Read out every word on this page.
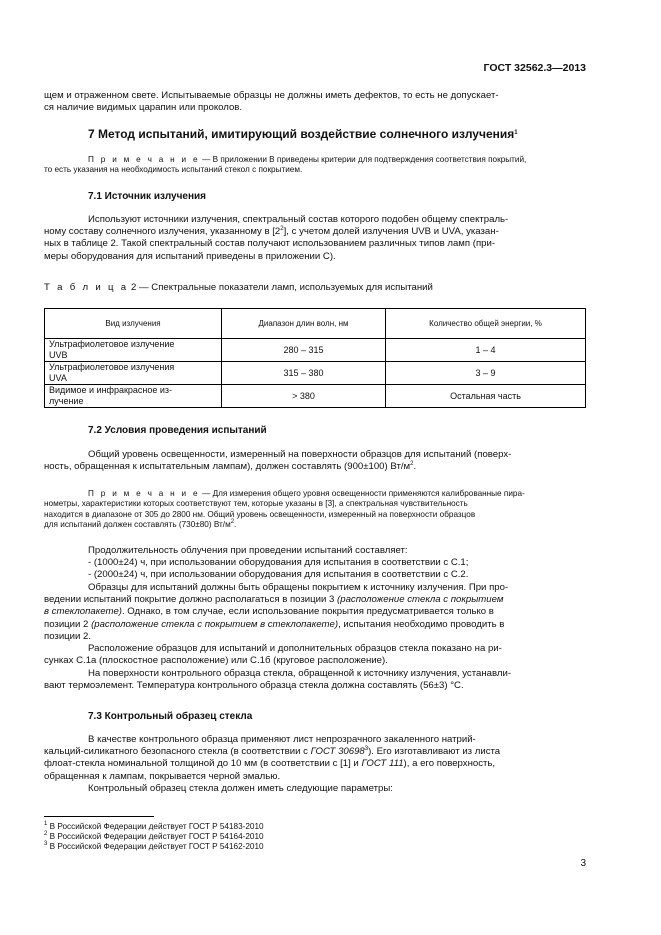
ГОСТ 32562.3—2013
щем и отраженном свете. Испытываемые образцы не должны иметь дефектов, то есть не допускает-
ся наличие видимых царапин или проколов.
7 Метод испытаний, имитирующий воздействие солнечного излучения$^1$
П р и м е ч а н и е — В приложении В приведены критерии для подтверждения соответствия покрытий,
то есть указания на необходимость испытаний стекол с покрытием.
7.1 Источник излучения
Используют источники излучения, спектральный состав которого подобен общему спектраль-
ному составу солнечного излучения, указанному в $[2^2]$, с учетом долей излучения UVB и UVA, указан-
ных в таблице 2. Такой спектральный состав получают использованием различных типов ламп (при-
меры оборудования для испытаний приведены в приложении С).
Т а б л и ц а 2 — Спектральные показатели ламп, используемых для испытаний
Вид излучения	Диапазон длин волн, нм	Количество общей энергии, %

Ультрафиолетовое излучение
UVB	280 – 315	1 – 4

Ультрафиолетовое излучения
UVA	315 – 380	3 – 9

Видимое и инфракрасное из-
лучение	> 380	Остальная часть
7.2 Условия проведения испытаний
Общий уровень освещенности, измеренный на поверхности образцов для испытаний (поверх-
ность, обращенная к испытательным лампам), должен составлять (900±100) $Вт/м^2$.
П р и м е ч а н и е — Для измерения общего уровня освещенности применяются калиброванные пира-
нометры, характеристики которых соответствуют тем, которые указаны в [3], а спектральная чувствительность
находится в диапазоне от 305 до 2800 нм. Общий уровень освещенности, измеренный на поверхности образцов
для испытаний должен составлять (730±80) $Вт/м^2$.
Продолжительность облучения при проведении испытаний составляет:
- (1000±24) ч, при использовании оборудования для испытания в соответствии с С.1;
- (2000±24) ч, при использовании оборудования для испытания в соответствии с С.2.
Образцы для испытаний должны быть обращены покрытием к источнику излучения. При про-
ведении испытаний покрытие должно располагаться в позиции 3 (расположение стекла с покрытием
в стеклопакете). Однако, в том случае, если использование покрытия предусматривается только в
позиции 2 (расположение стекла с покрытием в стеклопакете), испытания необходимо проводить в
позиции 2.
Расположение образцов для испытаний и дополнительных образцов стекла показано на ри-
сунках С.1а (плоскостное расположение) или С.1б (круговое расположение).
На поверхности контрольного образца стекла, обращенной к источнику излучения, устанавли-
вают термоэлемент. Температура контрольного образца стекла должна составлять (56±3) °С.
7.3 Контрольный образец стекла
В качестве контрольного образца применяют лист непрозрачного закаленного натрий-
кальций-силикатного безопасного стекла (в соответствии с ГОСТ 30698$^3$). Его изготавливают из листа
флоат-стекла номинальной толщиной до 10 мм (в соответствии с [1] и ГОСТ 111), а его поверхность,
обращенная к лампам, покрывается черной эмалью.
Контрольный образец стекла должен иметь следующие параметры:
$^1$ В Российской Федерации действует ГОСТ Р 54183-2010
$^2$ В Российской Федерации действует ГОСТ Р 54164-2010
$^3$ В Российской Федерации действует ГОСТ Р 54162-2010
3
